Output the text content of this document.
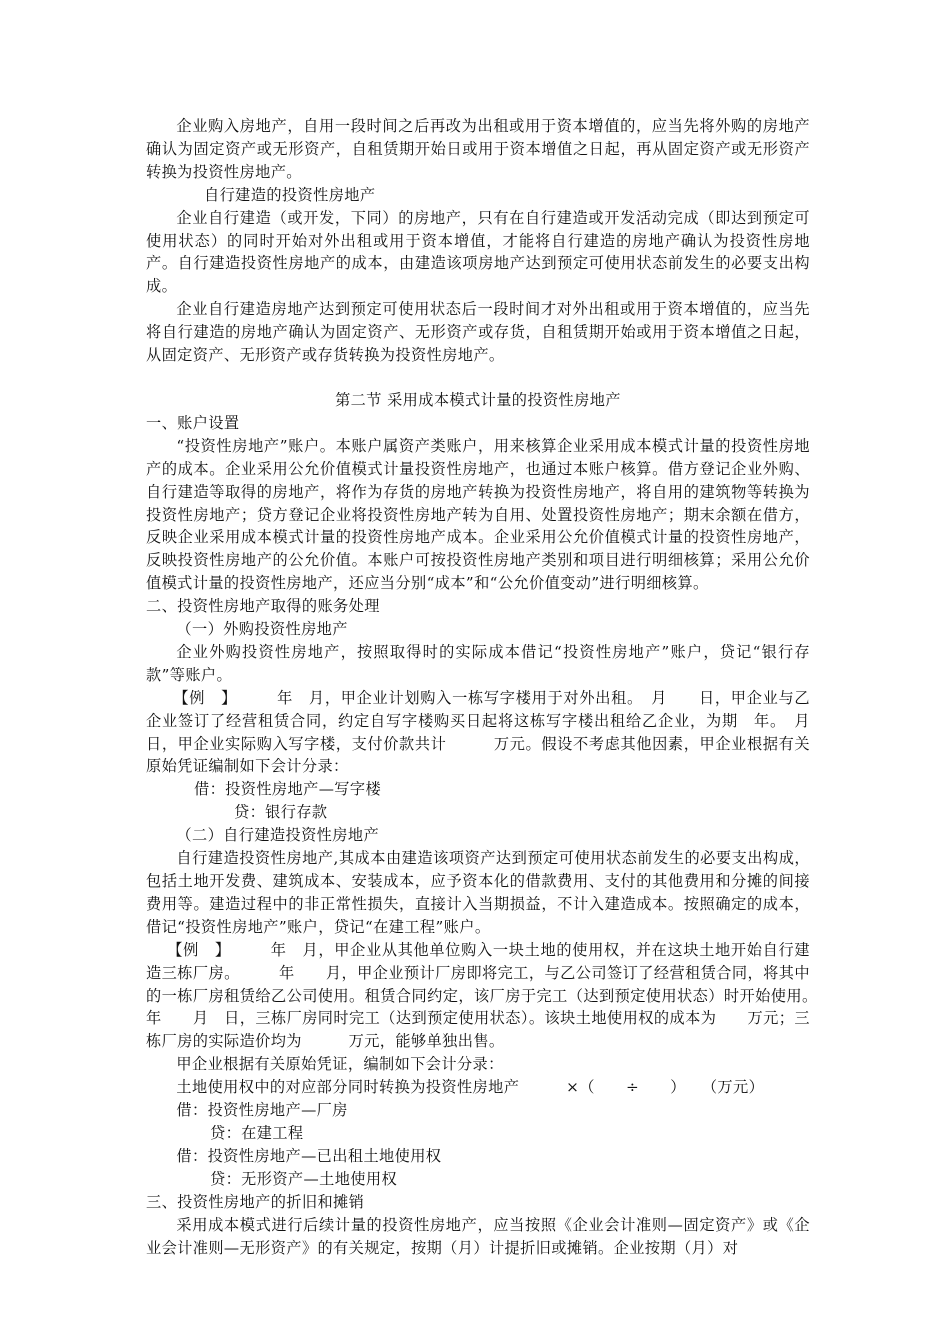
企业购入房地产，自用一段时间之后再改为出租或用于资本增值的，应当先将外购的房地产确认为固定资产或无形资产，自租赁期开始日或用于资本增值之日起，再从固定资产或无形资产转换为投资性房地产。

自行建造的投资性房地产

企业自行建造（或开发，下同）的房地产，只有在自行建造或开发活动完成（即达到预定可使用状态）的同时开始对外出租或用于资本增值，才能将自行建造的房地产确认为投资性房地产。自行建造投资性房地产的成本，由建造该项房地产达到预定可使用状态前发生的必要支出构成。

企业自行建造房地产达到预定可使用状态后一段时间才对外出租或用于资本增值的，应当先将自行建造的房地产确认为固定资产、无形资产或存货，自租赁期开始或用于资本增值之日起，从固定资产、无形资产或存货转换为投资性房地产。

第二节 采用成本模式计量的投资性房地产

一、账户设置

“投资性房地产”账户。本账户属资产类账户，用来核算企业采用成本模式计量的投资性房地产的成本。企业采用公允价值模式计量投资性房地产，也通过本账户核算。借方登记企业外购、自行建造等取得的房地产，将作为存货的房地产转换为投资性房地产，将自用的建筑物等转换为投资性房地产；贷方登记企业将投资性房地产转为自用、处置投资性房地产；期末余额在借方，反映企业采用成本模式计量的投资性房地产成本。企业采用公允价值模式计量的投资性房地产，反映投资性房地产的公允价值。本账户可按投资性房地产类别和项目进行明细核算；采用公允价值模式计量的投资性房地产，还应当分别“成本”和“公允价值变动”进行明细核算。

二、投资性房地产取得的账务处理

（一）外购投资性房地产

企业外购投资性房地产，按照取得时的实际成本借记“投资性房地产”账户，贷记“银行存款”等账户。

【例　】　　　年　月，甲企业计划购入一栋写字楼用于对外出租。　月　　日，甲企业与乙企业签订了经营租赁合同，约定自写字楼购买日起将这栋写字楼出租给乙企业，为期　年。　月　日，甲企业实际购入写字楼，支付价款共计　　　万元。假设不考虑其他因素，甲企业根据有关原始凭证编制如下会计分录：

借：投资性房地产—写字楼

贷：银行存款

（二）自行建造投资性房地产

自行建造投资性房地产,其成本由建造该项资产达到预定可使用状态前发生的必要支出构成，包括土地开发费、建筑成本、安装成本，应予资本化的借款费用、支付的其他费用和分摊的间接费用等。建造过程中的非正常性损失，直接计入当期损益，不计入建造成本。按照确定的成本，借记“投资性房地产”账户，贷记“在建工程”账户。

【例　】　　　年　月，甲企业从其他单位购入一块土地的使用权，并在这块土地开始自行建造三栋厂房。　　　年　　月，甲企业预计厂房即将完工，与乙公司签订了经营租赁合同，将其中的一栋厂房租赁给乙公司使用。租赁合同约定，该厂房于完工（达到预定使用状态）时开始使用。　　年　　月　日，三栋厂房同时完工（达到预定使用状态）。该块土地使用权的成本为　　万元；三栋厂房的实际造价均为　　　万元，能够单独出售。

甲企业根据有关原始凭证，编制如下会计分录：

土地使用权中的对应部分同时转换为投资性房地产　　　×（　　÷　　）　　（万元）

借：投资性房地产—厂房

贷：在建工程

借：投资性房地产—已出租土地使用权

贷：无形资产—土地使用权

三、投资性房地产的折旧和摊销

采用成本模式进行后续计量的投资性房地产，应当按照《企业会计准则—固定资产》或《企业会计准则—无形资产》的有关规定，按期（月）计提折旧或摊销。企业按期（月）对
